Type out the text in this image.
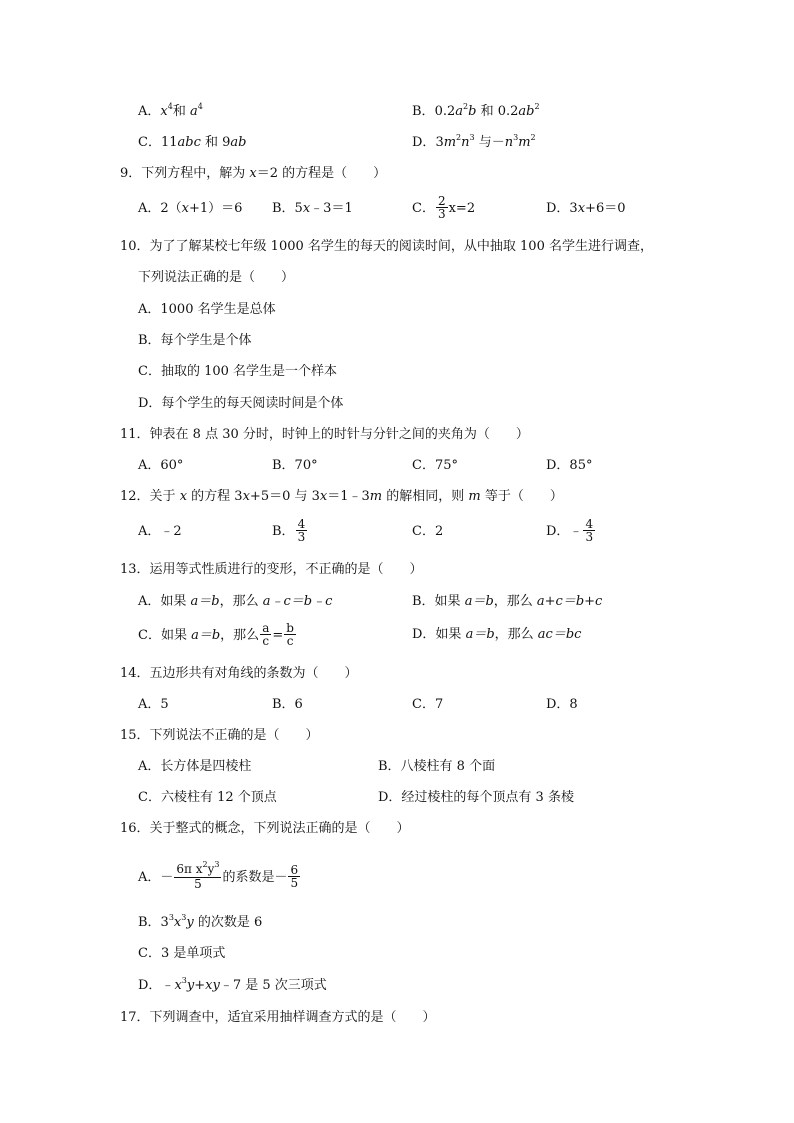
A．$x^4$和 $a^4$	B．$0.2a^2b$ 和 $0.2ab^2$
C．11abc 和 9ab	D．$3m^2n^3$ 与$-n^3m^2$
9．下列方程中，解为 x＝2 的方程是（　　）
A．2（x+1）＝6 B．5x﹣3＝1	C． $\frac{2}{3} x=2$	D．3x+6＝0
10．为了了解某校七年级 1000 名学生的每天的阅读时间，从中抽取 100 名学生进行调查，
下列说法正确的是（　　）
A．1000 名学生是总体
B．每个学生是个体
C．抽取的 100 名学生是一个样本
D．每个学生的每天阅读时间是个体
11．钟表在 8 点 30 分时，时钟上的时针与分针之间的夹角为（　　）
A．60°	B．70°	C．75°	D．85°
12．关于 x 的方程 3x+5＝0 与 3x＝1﹣3m 的解相同，则 m 等于（　　）
A．﹣2	B． $\frac{4}{3}$	C．2	D．﹣ $\frac{4}{3}$
13．运用等式性质进行的变形，不正确的是（　　）
A．如果 a＝b，那么 a﹣c＝b﹣c	B．如果 a＝b，那么 a+c＝b+c
C．如果 a＝b，那么 $\frac{a}{c} = \frac{b}{c}$	D．如果 a＝b，那么 ac＝bc
14．五边形共有对角线的条数为（　　）
A．5	B．6	C．7	D．8
15．下列说法不正确的是（　　）
A．长方体是四棱柱	B．八棱柱有 8 个面
C．六棱柱有 12 个顶点	D．经过棱柱的每个顶点有 3 条棱
16．关于整式的概念，下列说法正确的是（　　）
A．－ $\frac{6\pi x^2y^3}{5}$ 的系数是－ $\frac{6}{5}$
B．$3^3x^3y$ 的次数是 6
C．3 是单项式
D．$﹣x^3y+xy﹣7$ 是 5 次三项式
17．下列调查中，适宜采用抽样调查方式的是（　　）
